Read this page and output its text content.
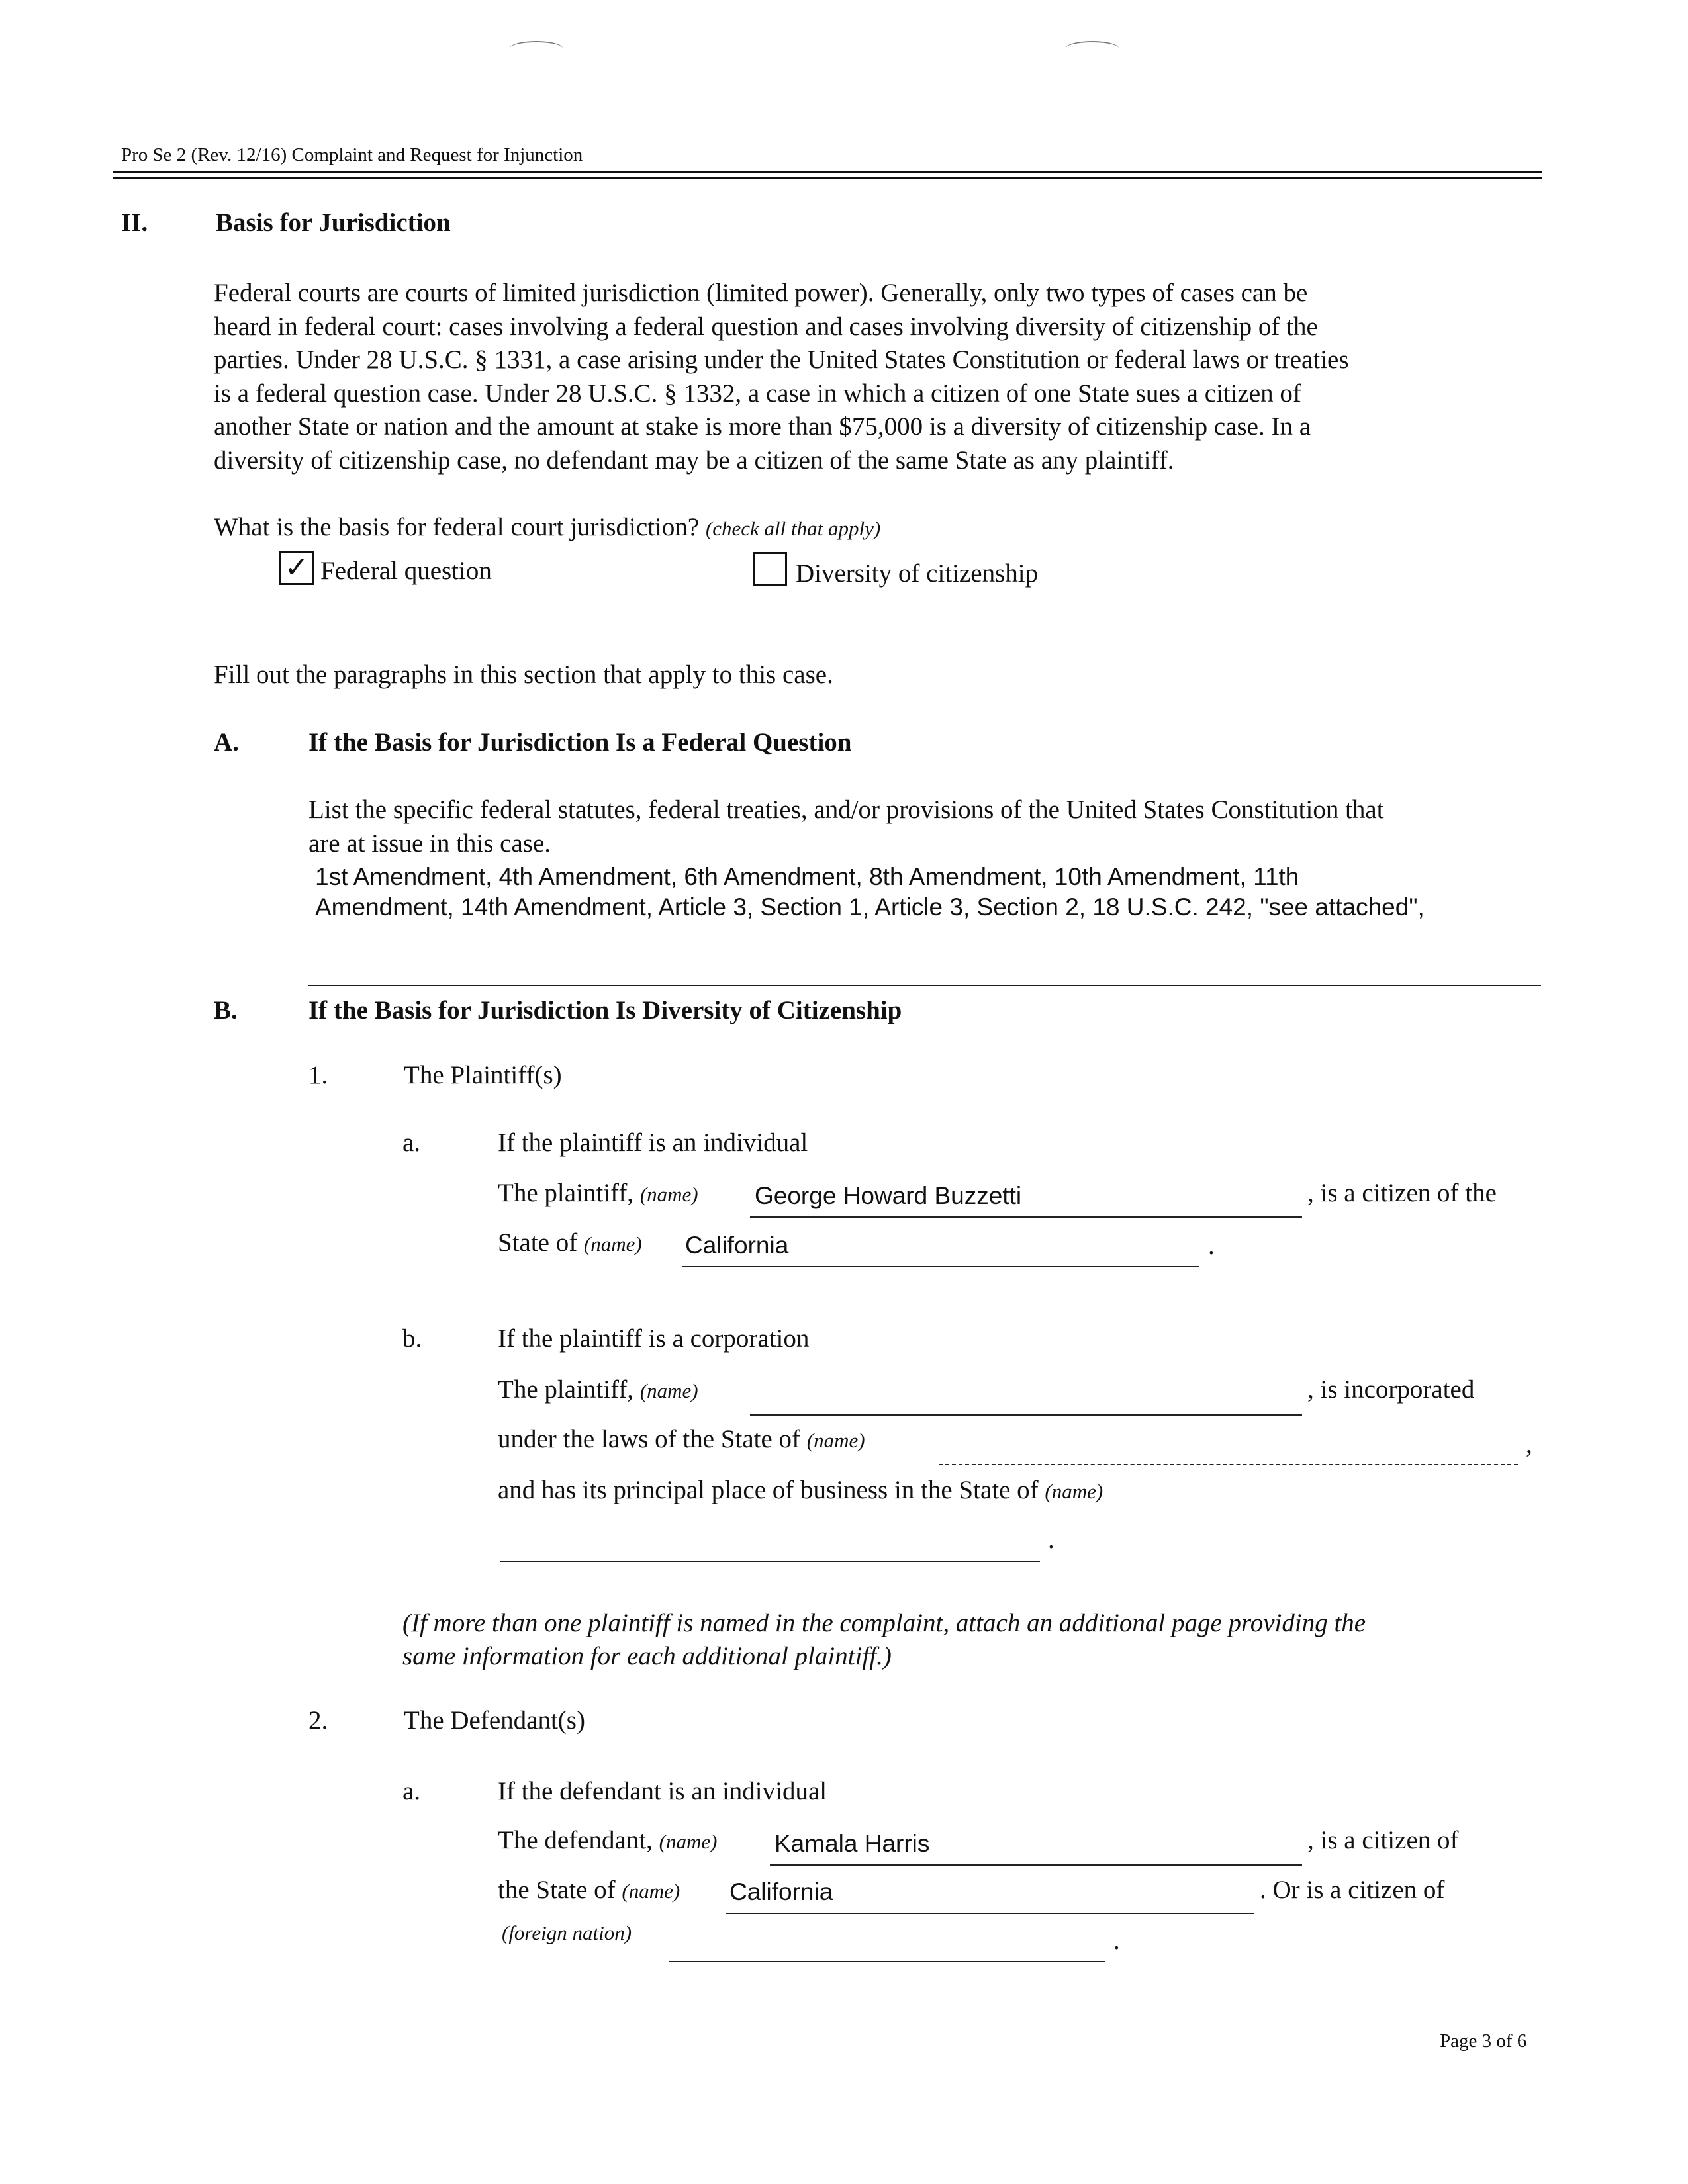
Pro Se 2 (Rev. 12/16) Complaint and Request for Injunction
II.	Basis for Jurisdiction
Federal courts are courts of limited jurisdiction (limited power). Generally, only two types of cases can be
heard in federal court: cases involving a federal question and cases involving diversity of citizenship of the
parties. Under 28 U.S.C. § 1331, a case arising under the United States Constitution or federal laws or treaties
is a federal question case. Under 28 U.S.C. § 1332, a case in which a citizen of one State sues a citizen of
another State or nation and the amount at stake is more than $75,000 is a diversity of citizenship case. In a
diversity of citizenship case, no defendant may be a citizen of the same State as any plaintiff.
What is the basis for federal court jurisdiction? (check all that apply)
✓ Federal question	Diversity of citizenship
Fill out the paragraphs in this section that apply to this case.
A.	If the Basis for Jurisdiction Is a Federal Question
List the specific federal statutes, federal treaties, and/or provisions of the United States Constitution that
are at issue in this case.
1st Amendment, 4th Amendment, 6th Amendment, 8th Amendment, 10th Amendment, 11th
Amendment, 14th Amendment, Article 3, Section 1, Article 3, Section 2, 18 U.S.C. 242, "see attached",
B.	If the Basis for Jurisdiction Is Diversity of Citizenship
1.	The Plaintiff(s)
a.	If the plaintiff is an individual
The plaintiff, (name) George Howard Buzzetti	, is a citizen of the
State of (name) California	.
b.	If the plaintiff is a corporation
The plaintiff, (name)	, is incorporated
under the laws of the State of (name)	,
and has its principal place of business in the State of (name)
.
(If more than one plaintiff is named in the complaint, attach an additional page providing the
same information for each additional plaintiff.)
2.	The Defendant(s)
a.	If the defendant is an individual
The defendant, (name) Kamala Harris	, is a citizen of
the State of (name) California	. Or is a citizen of
(foreign nation)	.
Page 3 of 6
